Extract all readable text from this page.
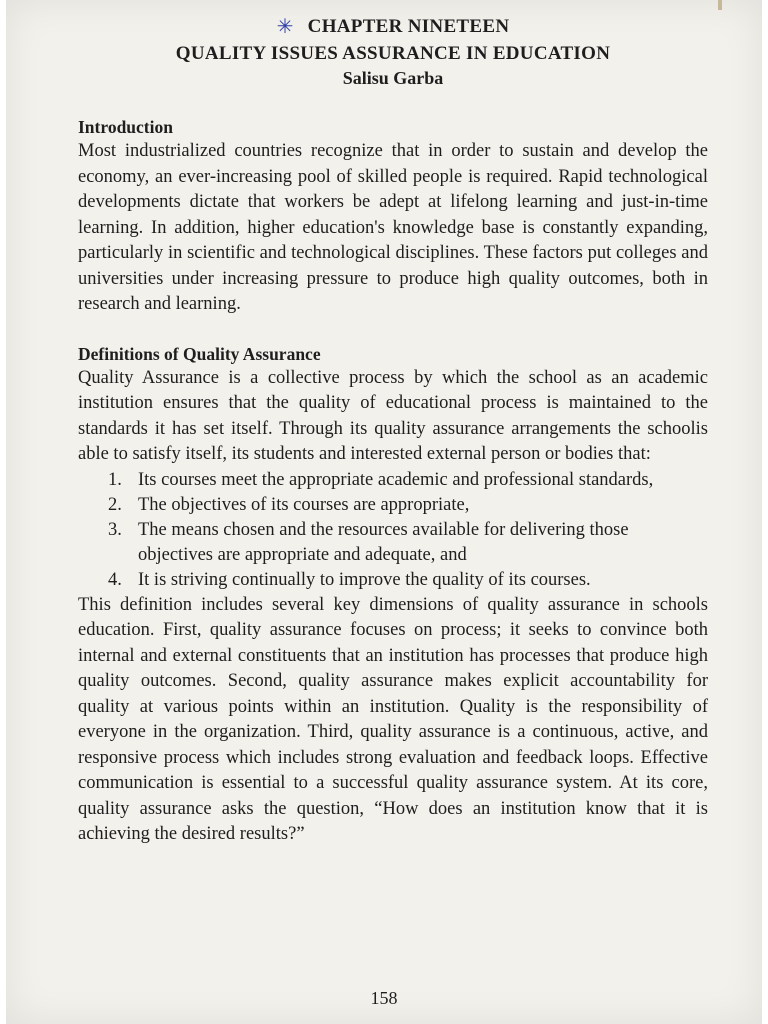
✳ CHAPTER NINETEEN
QUALITY ISSUES ASSURANCE IN EDUCATION
Salisu Garba
Introduction

Most industrialized countries recognize that in order to sustain and develop the economy, an ever-increasing pool of skilled people is required. Rapid technological developments dictate that workers be adept at lifelong learning and just-in-time learning. In addition, higher education's knowledge base is constantly expanding, particularly in scientific and technological disciplines. These factors put colleges and universities under increasing pressure to produce high quality outcomes, both in research and learning.

Definitions of Quality Assurance

Quality Assurance is a collective process by which the school as an academic institution ensures that the quality of educational process is maintained to the standards it has set itself. Through its quality assurance arrangements the schoolis able to satisfy itself, its students and interested external person or bodies that:

1. Its courses meet the appropriate academic and professional standards,
2. The objectives of its courses are appropriate,
3. The means chosen and the resources available for delivering those objectives are appropriate and adequate, and
4. It is striving continually to improve the quality of its courses.

This definition includes several key dimensions of quality assurance in schools education. First, quality assurance focuses on process; it seeks to convince both internal and external constituents that an institution has processes that produce high quality outcomes. Second, quality assurance makes explicit accountability for quality at various points within an institution. Quality is the responsibility of everyone in the organization. Third, quality assurance is a continuous, active, and responsive process which includes strong evaluation and feedback loops. Effective communication is essential to a successful quality assurance system. At its core, quality assurance asks the question, “How does an institution know that it is achieving the desired results?”

158
